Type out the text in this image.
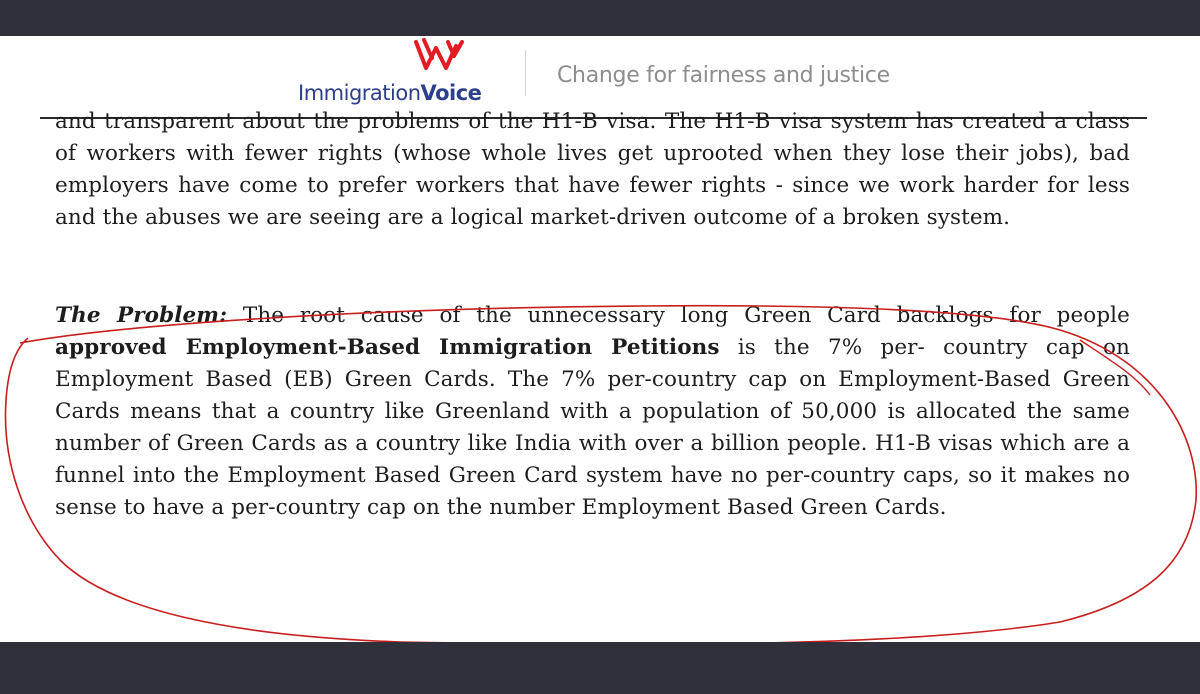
ImmigrationVoice
Change for fairness and justice

and transparent about the problems of the H1-B visa. The H1-B visa system has created a class of workers with fewer rights (whose whole lives get uprooted when they lose their jobs), bad employers have come to prefer workers that have fewer rights - since we work harder for less and the abuses we are seeing are a logical market-driven outcome of a broken system.

The Problem: The root cause of the unnecessary long Green Card backlogs for people approved Employment-Based Immigration Petitions is the 7% per- country cap on Employment Based (EB) Green Cards. The 7% per-country cap on Employment-Based Green Cards means that a country like Greenland with a population of 50,000 is allocated the same number of Green Cards as a country like India with over a billion people. H1-B visas which are a funnel into the Employment Based Green Card system have no per-country caps, so it makes no sense to have a per-country cap on the number Employment Based Green Cards.
